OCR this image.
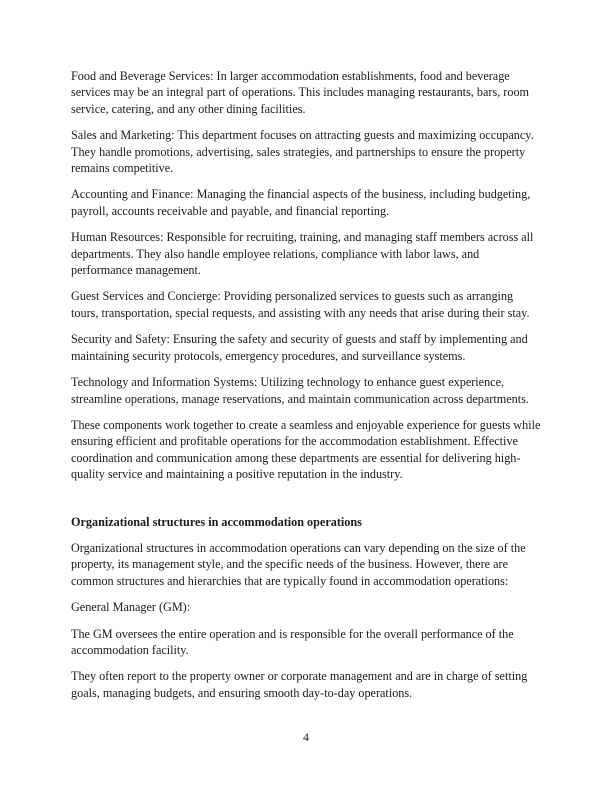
Food and Beverage Services: In larger accommodation establishments, food and beverage services may be an integral part of operations. This includes managing restaurants, bars, room service, catering, and any other dining facilities.

Sales and Marketing: This department focuses on attracting guests and maximizing occupancy. They handle promotions, advertising, sales strategies, and partnerships to ensure the property remains competitive.

Accounting and Finance: Managing the financial aspects of the business, including budgeting, payroll, accounts receivable and payable, and financial reporting.

Human Resources: Responsible for recruiting, training, and managing staff members across all departments. They also handle employee relations, compliance with labor laws, and performance management.

Guest Services and Concierge: Providing personalized services to guests such as arranging tours, transportation, special requests, and assisting with any needs that arise during their stay.

Security and Safety: Ensuring the safety and security of guests and staff by implementing and maintaining security protocols, emergency procedures, and surveillance systems.

Technology and Information Systems: Utilizing technology to enhance guest experience, streamline operations, manage reservations, and maintain communication across departments.

These components work together to create a seamless and enjoyable experience for guests while ensuring efficient and profitable operations for the accommodation establishment. Effective coordination and communication among these departments are essential for delivering high-quality service and maintaining a positive reputation in the industry.

Organizational structures in accommodation operations

Organizational structures in accommodation operations can vary depending on the size of the property, its management style, and the specific needs of the business. However, there are common structures and hierarchies that are typically found in accommodation operations:

General Manager (GM):

The GM oversees the entire operation and is responsible for the overall performance of the accommodation facility.

They often report to the property owner or corporate management and are in charge of setting goals, managing budgets, and ensuring smooth day-to-day operations.

4
